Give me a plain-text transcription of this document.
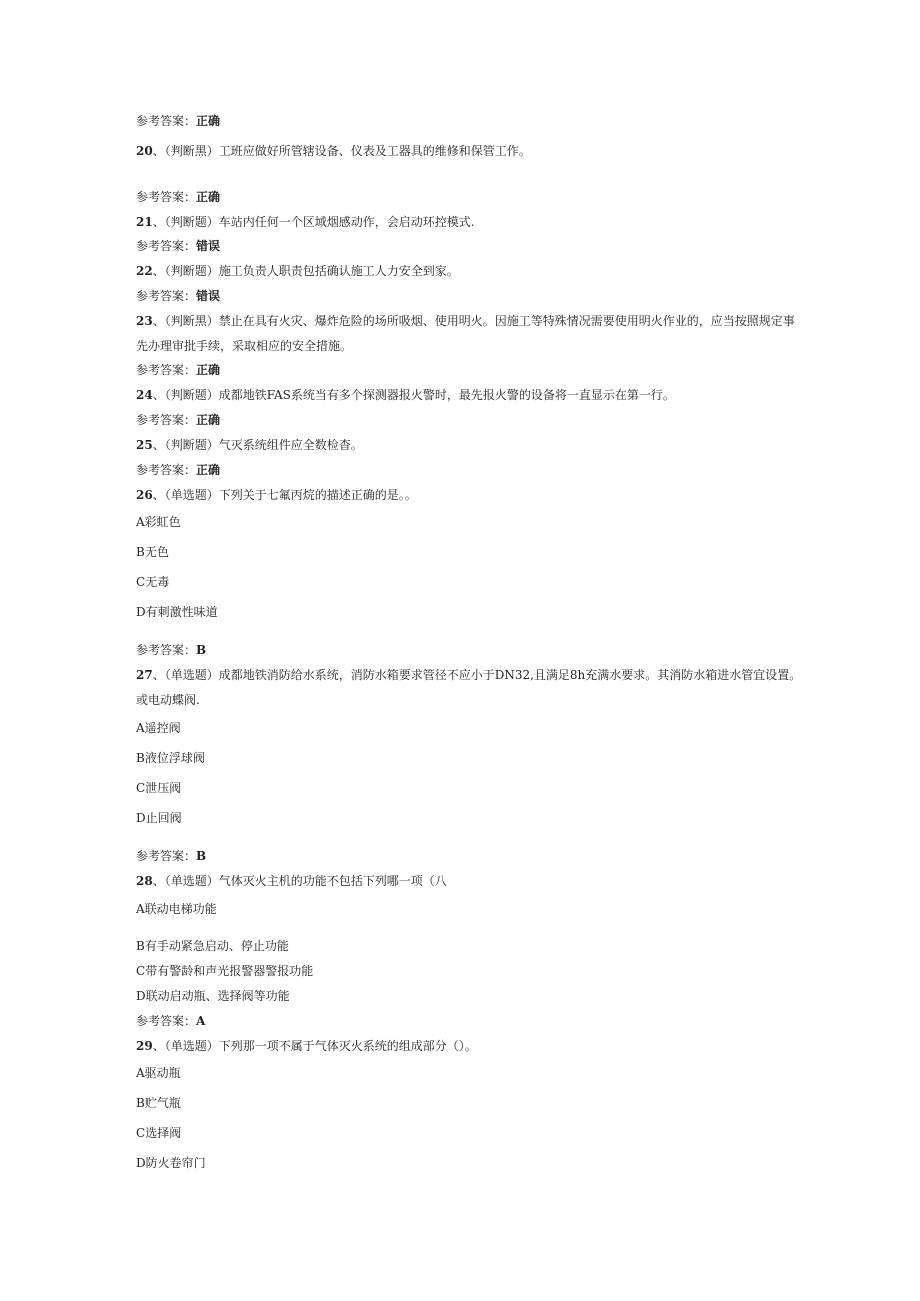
参考答案：正确
20、（判断黑）工班应做好所管辖设备、仪表及工器具的维修和保管工作。
参考答案：正确
21、（判断题）车站内任何一个区域烟感动作，会启动环控模式.
参考答案：错误
22、（判断题）施工负责人职责包括确认施工人力安全到家。
参考答案：错误
23、（判断黑）禁止在具有火灾、爆炸危险的场所吸烟、使用明火。因施工等特殊情况需要使用明火作业的，应当按照规定事
先办理审批手续，采取相应的安全措施。
参考答案：正确
24、（判断题）成都地铁FAS系统当有多个探测器报火警时，最先报火警的设备将一直显示在第一行。
参考答案：正确
25、（判断题）气灭系统组件应全数检杳。
参考答案：正确
26、（单选题）下列关于七氟丙烷的描述正确的是。。
A彩虹色
B无色
C无毒
D有刺激性味道
参考答案：B
27、（单选题）成都地铁消防给水系统，消防水箱要求管径不应小于DN32,且满足8h充满水要求。其消防水箱进水管宜设置。
或电动蝶阀.
A遥控阀
B液位浮球阀
C泄压阀
D止回阀
参考答案：B
28、（单选题）气体灭火主机的功能不包括下列哪一项（八
A联动电梯功能
B有手动紧急启动、停止功能
C带有警龄和声光报警器警报功能
D联动启动瓶、选择阀等功能
参考答案：A
29、（单选题）下列那一项不属于气体灭火系统的组成部分（）。
A驱动瓶
B贮气瓶
C选择阀
D防火卷帘门
